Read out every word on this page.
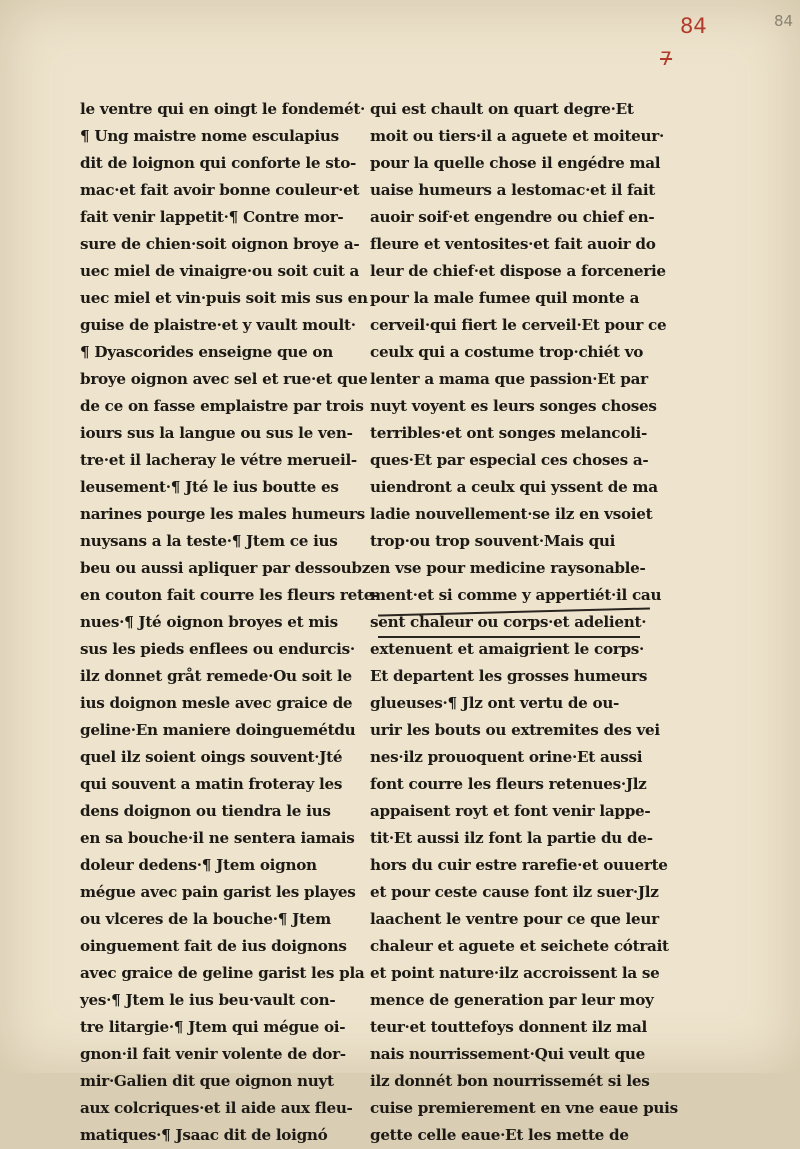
84
7
84
le ventre qui en oingt le fondemét·
¶ Ung maistre nome esculapius
dit de loignon qui conforte le sto-
mac·et fait avoir bonne couleur·et
fait venir lappetit·¶ Contre mor-
sure de chien·soit oignon broye a-
uec miel de vinaigre·ou soit cuit a
uec miel et vin·puis soit mis sus en
guise de plaistre·et y vault moult·
¶ Dyascorides enseigne que on
broye oignon avec sel et rue·et que
de ce on fasse emplaistre par trois
iours sus la langue ou sus le ven-
tre·et il lacheray le vétre merueil-
leusement·¶ Jté le ius boutte es
narines pourge les males humeurs
nuysans a la teste·¶ Jtem ce ius
beu ou aussi apliquer par dessoubz
en couton fait courre les fleurs rete-
nues·¶ Jté oignon broyes et mis
sus les pieds enflees ou endurcis·
ilz donnet gråt remede·Ou soit le
ius doignon mesle avec graice de
geline·En maniere doinguemétdu
quel ilz soient oings souvent·Jté
qui souvent a matin froteray les
dens doignon ou tiendra le ius
en sa bouche·il ne sentera iamais
doleur dedens·¶ Jtem oignon
mégue avec pain garist les playes
ou vlceres de la bouche·¶ Jtem
oinguement fait de ius doignons
avec graice de geline garist les pla
yes·¶ Jtem le ius beu·vault con-
tre litargie·¶ Jtem qui mégue oi-
gnon·il fait venir volente de dor-
mir·Galien dit que oignon nuyt
aux colcriques·et il aide aux fleu-
matiques·¶ Jsaac dit de loignó
qui est chault on quart degre·Et
moit ou tiers·il a aguete et moiteur·
pour la quelle chose il engédre mal
uaise humeurs a lestomac·et il fait
auoir soif·et engendre ou chief en-
fleure et ventosites·et fait auoir do
leur de chief·et dispose a forcenerie
pour la male fumee quil monte a
cerveil·qui fiert le cerveil·Et pour ce
ceulx qui a costume trop·chiét vo
lenter a mama que passion·Et par
nuyt voyent es leurs songes choses
terribles·et ont songes melancoli-
ques·Et par especial ces choses a-
uiendront a ceulx qui yssent de ma
ladie nouvellement·se ilz en vsoiet
trop·ou trop souvent·Mais qui
en vse pour medicine raysonable-
ment·et si comme y appertiét·il cau
sent chaleur ou corps·et adelient·
extenuent et amaigrient le corps·
Et departent les grosses humeurs
glueuses·¶ Jlz ont vertu de ou-
urir les bouts ou extremites des vei
nes·ilz prouoquent orine·Et aussi
font courre les fleurs retenues·Jlz
appaisent royt et font venir lappe-
tit·Et aussi ilz font la partie du de-
hors du cuir estre rarefie·et ouuerte
et pour ceste cause font ilz suer·Jlz
laachent le ventre pour ce que leur
chaleur et aguete et seichete cótrait
et point nature·ilz accroissent la se
mence de generation par leur moy
teur·et touttefoys donnent ilz mal
nais nourrissement·Qui veult que
ilz donnét bon nourrissemét si les
cuise premierement en vne eaue puis
gette celle eaue·Et les mette de
